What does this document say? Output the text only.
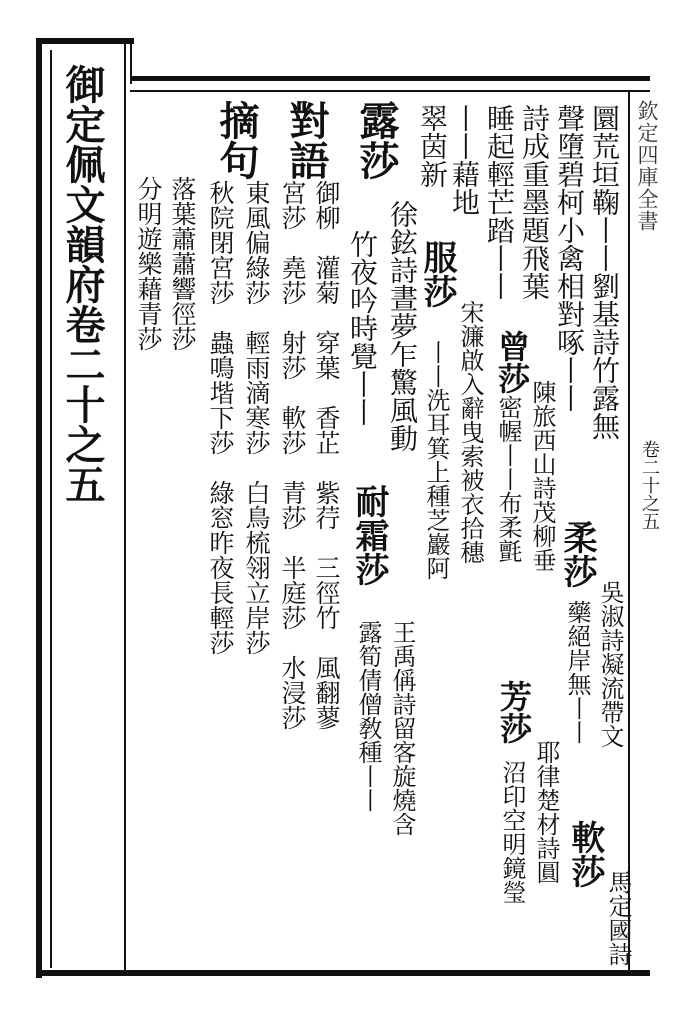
御定佩文韻府卷二十之五	欽定四庫全書
卷二十之五
圜荒垣鞠丨丨劉基詩竹露無
聲墮碧柯小禽相對啄丨丨
柔莎
吳淑詩凝流帶文
藥絕岸無丨丨
軟莎
馬定國詩
詩成重墨題飛葉
曾莎
陳旅西山詩茂柳垂
睡起輕芒踏丨丨
密幄丨丨布柔氈
芳莎
耶律楚材詩圓
沼印空明鏡瑩
丨丨藉地
服莎
宋濂啟入辭曳索被衣拾穗
翠茵新
丨丨洗耳箕上種芝巖阿
露莎
徐鉉詩晝夢乍驚風動
竹夜吟時覺丨丨
耐霜莎
王禹偁詩留客旋燒含
露筍倩僧敎種丨丨
對語
御柳　灌菊　穿葉　香芷　紫荇　三徑竹　風翻蓼
宮莎　堯莎　射莎　軟莎　青莎　半庭莎　水浸莎
摘句
東風偏綠莎　輕雨滴寒莎　白鳥梳翎立岸莎
秋院閉宮莎　蟲鳴堦下莎　綠窓昨夜長輕莎
落葉蕭蕭響徑莎
分明遊樂藉青莎
